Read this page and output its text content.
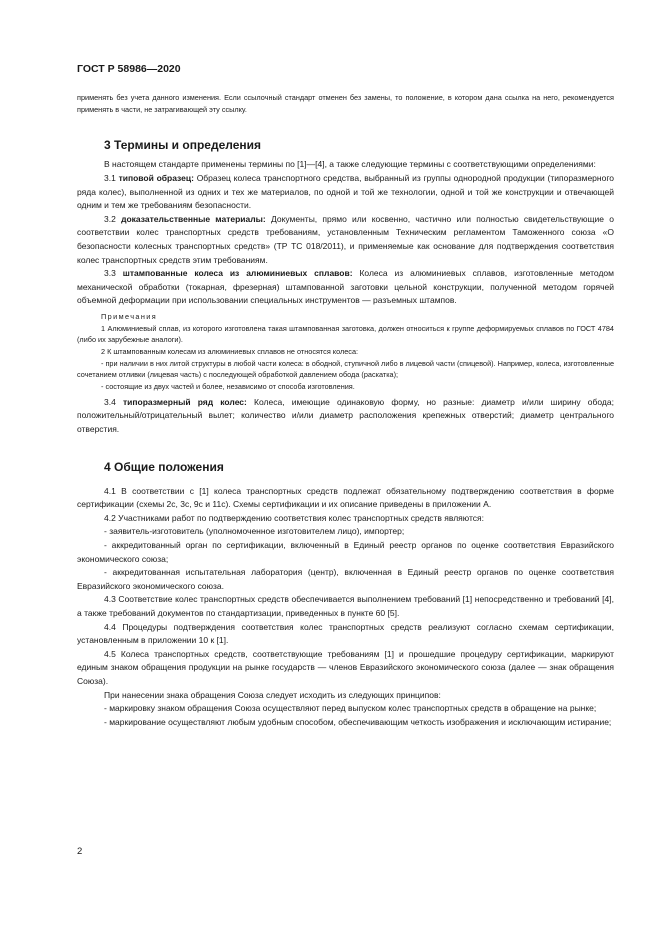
ГОСТ Р 58986—2020

применять без учета данного изменения. Если ссылочный стандарт отменен без замены, то положение, в котором дана ссылка на него, рекомендуется применять в части, не затрагивающей эту ссылку.

3 Термины и определения

В настоящем стандарте применены термины по [1]—[4], а также следующие термины с соответствующими определениями:

3.1 типовой образец: Образец колеса транспортного средства, выбранный из группы однородной продукции (типоразмерного ряда колес), выполненной из одних и тех же материалов, по одной и той же технологии, одной и той же конструкции и отвечающей одним и тем же требованиям безопасности.

3.2 доказательственные материалы: Документы, прямо или косвенно, частично или полностью свидетельствующие о соответствии колес транспортных средств требованиям, установленным Техническим регламентом Таможенного союза «О безопасности колесных транспортных средств» (ТР ТС 018/2011), и применяемые как основание для подтверждения соответствия колес транспортных средств этим требованиям.

3.3 штампованные колеса из алюминиевых сплавов: Колеса из алюминиевых сплавов, изготовленные методом механической обработки (токарная, фрезерная) штампованной заготовки цельной конструкции, полученной методом горячей объемной деформации при использовании специальных инструментов — разъемных штампов.

Примечания

1 Алюминиевый сплав, из которого изготовлена такая штампованная заготовка, должен относиться к группе деформируемых сплавов по ГОСТ 4784 (либо их зарубежные аналоги).

2 К штампованным колесам из алюминиевых сплавов не относятся колеса:

- при наличии в них литой структуры в любой части колеса: в ободной, ступичной либо в лицевой части (спицевой). Например, колеса, изготовленные сочетанием отливки (лицевая часть) с последующей обработкой давлением обода (раскатка);

- состоящие из двух частей и более, независимо от способа изготовления.

3.4 типоразмерный ряд колес: Колеса, имеющие одинаковую форму, но разные: диаметр и/или ширину обода; положительный/отрицательный вылет; количество и/или диаметр расположения крепежных отверстий; диаметр центрального отверстия.

4 Общие положения

4.1 В соответствии с [1] колеса транспортных средств подлежат обязательному подтверждению соответствия в форме сертификации (схемы 2с, 3с, 9с и 11с). Схемы сертификации и их описание приведены в приложении А.

4.2 Участниками работ по подтверждению соответствия колес транспортных средств являются:

- заявитель-изготовитель (уполномоченное изготовителем лицо), импортер;

- аккредитованный орган по сертификации, включенный в Единый реестр органов по оценке соответствия Евразийского экономического союза;

- аккредитованная испытательная лаборатория (центр), включенная в Единый реестр органов по оценке соответствия Евразийского экономического союза.

4.3 Соответствие колес транспортных средств обеспечивается выполнением требований [1] непосредственно и требований [4], а также требований документов по стандартизации, приведенных в пункте 60 [5].

4.4 Процедуры подтверждения соответствия колес транспортных средств реализуют согласно схемам сертификации, установленным в приложении 10 к [1].

4.5 Колеса транспортных средств, соответствующие требованиям [1] и прошедшие процедуру сертификации, маркируют единым знаком обращения продукции на рынке государств — членов Евразийского экономического союза (далее — знак обращения Союза).

При нанесении знака обращения Союза следует исходить из следующих принципов:

- маркировку знаком обращения Союза осуществляют перед выпуском колес транспортных средств в обращение на рынке;

- маркирование осуществляют любым удобным способом, обеспечивающим четкость изображения и исключающим истирание;

2
